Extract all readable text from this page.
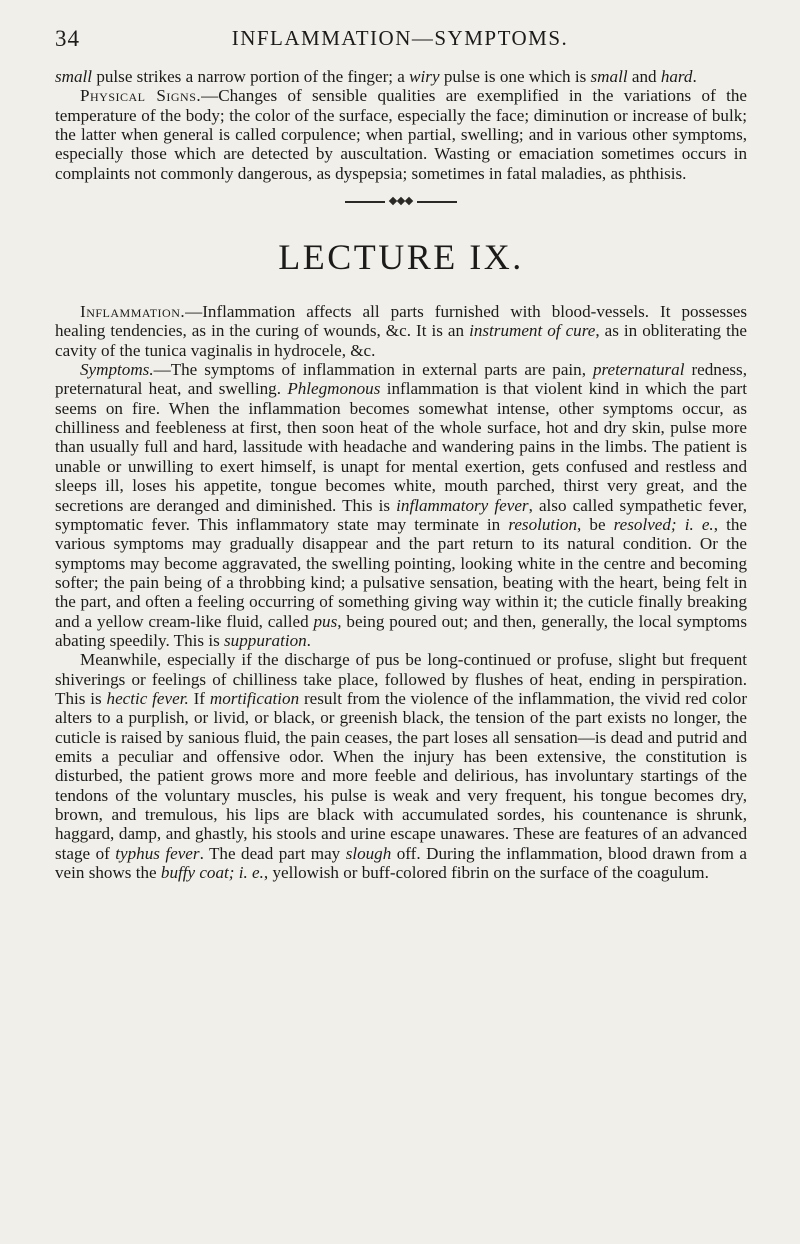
34	INFLAMMATION—SYMPTOMS.

small pulse strikes a narrow portion of the finger; a wiry pulse is one which is small and hard.

Physical Signs.—Changes of sensible qualities are exemplified in the variations of the temperature of the body; the color of the surface, especially the face; diminution or increase of bulk; the latter when general is called corpulence; when partial, swelling; and in various other symptoms, especially those which are detected by auscultation. Wasting or emaciation sometimes occurs in complaints not commonly dangerous, as dyspepsia; sometimes in fatal maladies, as phthisis.

LECTURE IX.

Inflammation.—Inflammation affects all parts furnished with blood-vessels. It possesses healing tendencies, as in the curing of wounds, &c. It is an instrument of cure, as in obliterating the cavity of the tunica vaginalis in hydrocele, &c.

Symptoms.—The symptoms of inflammation in external parts are pain, preternatural redness, preternatural heat, and swelling. Phlegmonous inflammation is that violent kind in which the part seems on fire. When the inflammation becomes somewhat intense, other symptoms occur, as chilliness and feebleness at first, then soon heat of the whole surface, hot and dry skin, pulse more than usually full and hard, lassitude with headache and wandering pains in the limbs. The patient is unable or unwilling to exert himself, is unapt for mental exertion, gets confused and restless and sleeps ill, loses his appetite, tongue becomes white, mouth parched, thirst very great, and the secretions are deranged and diminished. This is inflammatory fever, also called sympathetic fever, symptomatic fever. This inflammatory state may terminate in resolution, be resolved; i. e., the various symptoms may gradually disappear and the part return to its natural condition. Or the symptoms may become aggravated, the swelling pointing, looking white in the centre and becoming softer; the pain being of a throbbing kind; a pulsative sensation, beating with the heart, being felt in the part, and often a feeling occurring of something giving way within it; the cuticle finally breaking and a yellow cream-like fluid, called pus, being poured out; and then, generally, the local symptoms abating speedily. This is suppuration.

Meanwhile, especially if the discharge of pus be long-continued or profuse, slight but frequent shiverings or feelings of chilliness take place, followed by flushes of heat, ending in perspiration. This is hectic fever. If mortification result from the violence of the inflammation, the vivid red color alters to a purplish, or livid, or black, or greenish black, the tension of the part exists no longer, the cuticle is raised by sanious fluid, the pain ceases, the part loses all sensation—is dead and putrid and emits a peculiar and offensive odor. When the injury has been extensive, the constitution is disturbed, the patient grows more and more feeble and delirious, has involuntary startings of the tendons of the voluntary muscles, his pulse is weak and very frequent, his tongue becomes dry, brown, and tremulous, his lips are black with accumulated sordes, his countenance is shrunk, haggard, damp, and ghastly, his stools and urine escape unawares. These are features of an advanced stage of typhus fever. The dead part may slough off. During the inflammation, blood drawn from a vein shows the buffy coat; i. e., yellowish or buff-colored fibrin on the surface of the coagulum.
